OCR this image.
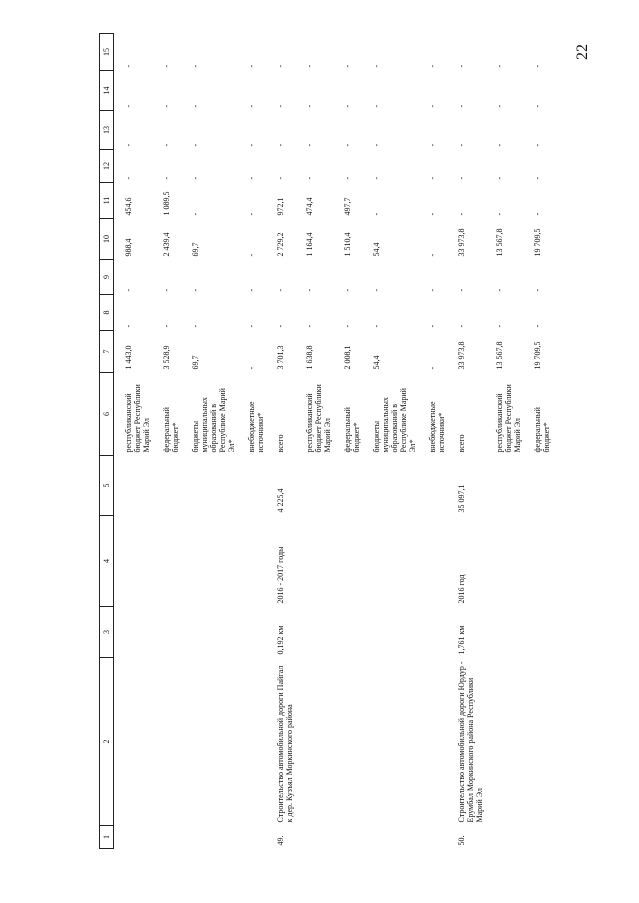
22
1	2	3	4	5	6	7	8	9	10	11	12	13	14	15
					республиканский бюджет Республики Марий Эл	1 443,0	-	-	988,4	454,6	-	-	-	-
					федеральный бюджет*	3 528,9	-	-	2 439,4	1 089,5	-	-	-	-
					бюджеты муниципальных образований в Республике Марий Эл*	69,7	-	-	69,7	-	-	-	-	-
					внебюджетные источники*	-	-	-	-	-	-	-	-	-
49.	Строительство автомобильной дороги Пайгал к дер. Кузъял Моркинского района	0,192 км	2016 - 2017 годы	4 225,4	всего	3 701,3	-	-	2 729,2	972,1	-	-	-	-
					республиканский бюджет Республики Марий Эл	1 638,8	-	-	1 164,4	474,4	-	-	-	-
					федеральный бюджет*	2 008,1	-	-	1 510,4	497,7	-	-	-	-
					бюджеты муниципальных образований в Республике Марий Эл*	54,4	-	-	54,4	-	-	-	-	-
					внебюджетные источники*	-	-	-	-	-	-	-	-	-
50.	Строительство автомобильной дороги Юрдур - Ерумбал Моркинского района Республики Марий Эл	1,761 км	2016 год	35 097,1	всего	33 973,8	-	-	33 973,8	-	-	-	-	-
					республиканский бюджет Республики Марий Эл	13 567,8	-	-	13 567,8	-	-	-	-	-
					федеральный бюджет*	19 709,5	-	-	19 709,5	-	-	-	-	-
